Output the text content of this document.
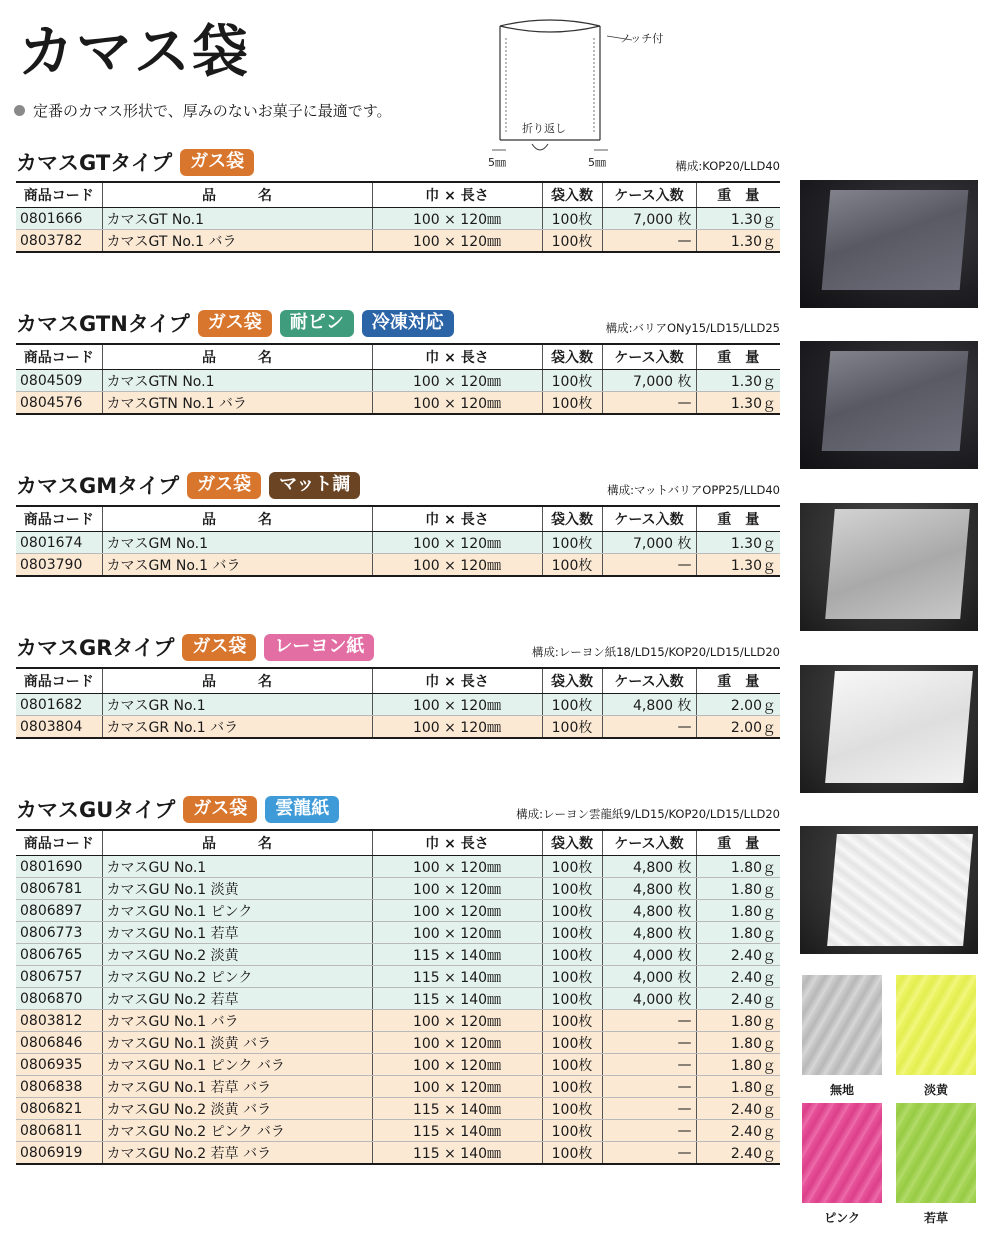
カマス袋
定番のカマス形状で、厚みのないお菓子に最適です。
ノッチ付
折り返し
5㎜	5㎜
カマスGTタイプ	ガス袋	構成:KOP20/LLD40
商品コード	品　　　名	巾 × 長さ	袋入数	ケース入数	重　量
0801666	カマスGT No.1	100 × 120㎜	100枚	7,000 枚	1.30ｇ
0803782	カマスGT No.1 バラ	100 × 120㎜	100枚	—	1.30ｇ
カマスGTNタイプ	ガス袋	耐ピン	冷凍対応	構成:バリアONy15/LD15/LLD25
商品コード	品　　　名	巾 × 長さ	袋入数	ケース入数	重　量
0804509	カマスGTN No.1	100 × 120㎜	100枚	7,000 枚	1.30ｇ
0804576	カマスGTN No.1 バラ	100 × 120㎜	100枚	—	1.30ｇ
カマスGMタイプ	ガス袋	マット調	構成:マットバリアOPP25/LLD40
商品コード	品　　　名	巾 × 長さ	袋入数	ケース入数	重　量
0801674	カマスGM No.1	100 × 120㎜	100枚	7,000 枚	1.30ｇ
0803790	カマスGM No.1 バラ	100 × 120㎜	100枚	—	1.30ｇ
カマスGRタイプ	ガス袋	レーヨン紙	構成:レーヨン紙18/LD15/KOP20/LD15/LLD20
商品コード	品　　　名	巾 × 長さ	袋入数	ケース入数	重　量
0801682	カマスGR No.1	100 × 120㎜	100枚	4,800 枚	2.00ｇ
0803804	カマスGR No.1 バラ	100 × 120㎜	100枚	—	2.00ｇ
カマスGUタイプ	ガス袋	雲龍紙	構成:レーヨン雲龍紙9/LD15/KOP20/LD15/LLD20
商品コード	品　　　名	巾 × 長さ	袋入数	ケース入数	重　量
0801690	カマスGU No.1	100 × 120㎜	100枚	4,800 枚	1.80ｇ
0806781	カマスGU No.1 淡黄	100 × 120㎜	100枚	4,800 枚	1.80ｇ
0806897	カマスGU No.1 ピンク	100 × 120㎜	100枚	4,800 枚	1.80ｇ
0806773	カマスGU No.1 若草	100 × 120㎜	100枚	4,800 枚	1.80ｇ
0806765	カマスGU No.2 淡黄	115 × 140㎜	100枚	4,000 枚	2.40ｇ
0806757	カマスGU No.2 ピンク	115 × 140㎜	100枚	4,000 枚	2.40ｇ
0806870	カマスGU No.2 若草	115 × 140㎜	100枚	4,000 枚	2.40ｇ
0803812	カマスGU No.1 バラ	100 × 120㎜	100枚	—	1.80ｇ
0806846	カマスGU No.1 淡黄 バラ	100 × 120㎜	100枚	—	1.80ｇ
0806935	カマスGU No.1 ピンク バラ	100 × 120㎜	100枚	—	1.80ｇ
0806838	カマスGU No.1 若草 バラ	100 × 120㎜	100枚	—	1.80ｇ
0806821	カマスGU No.2 淡黄 バラ	115 × 140㎜	100枚	—	2.40ｇ
0806811	カマスGU No.2 ピンク バラ	115 × 140㎜	100枚	—	2.40ｇ
0806919	カマスGU No.2 若草 バラ	115 × 140㎜	100枚	—	2.40ｇ
無地	淡黄
ピンク	若草
